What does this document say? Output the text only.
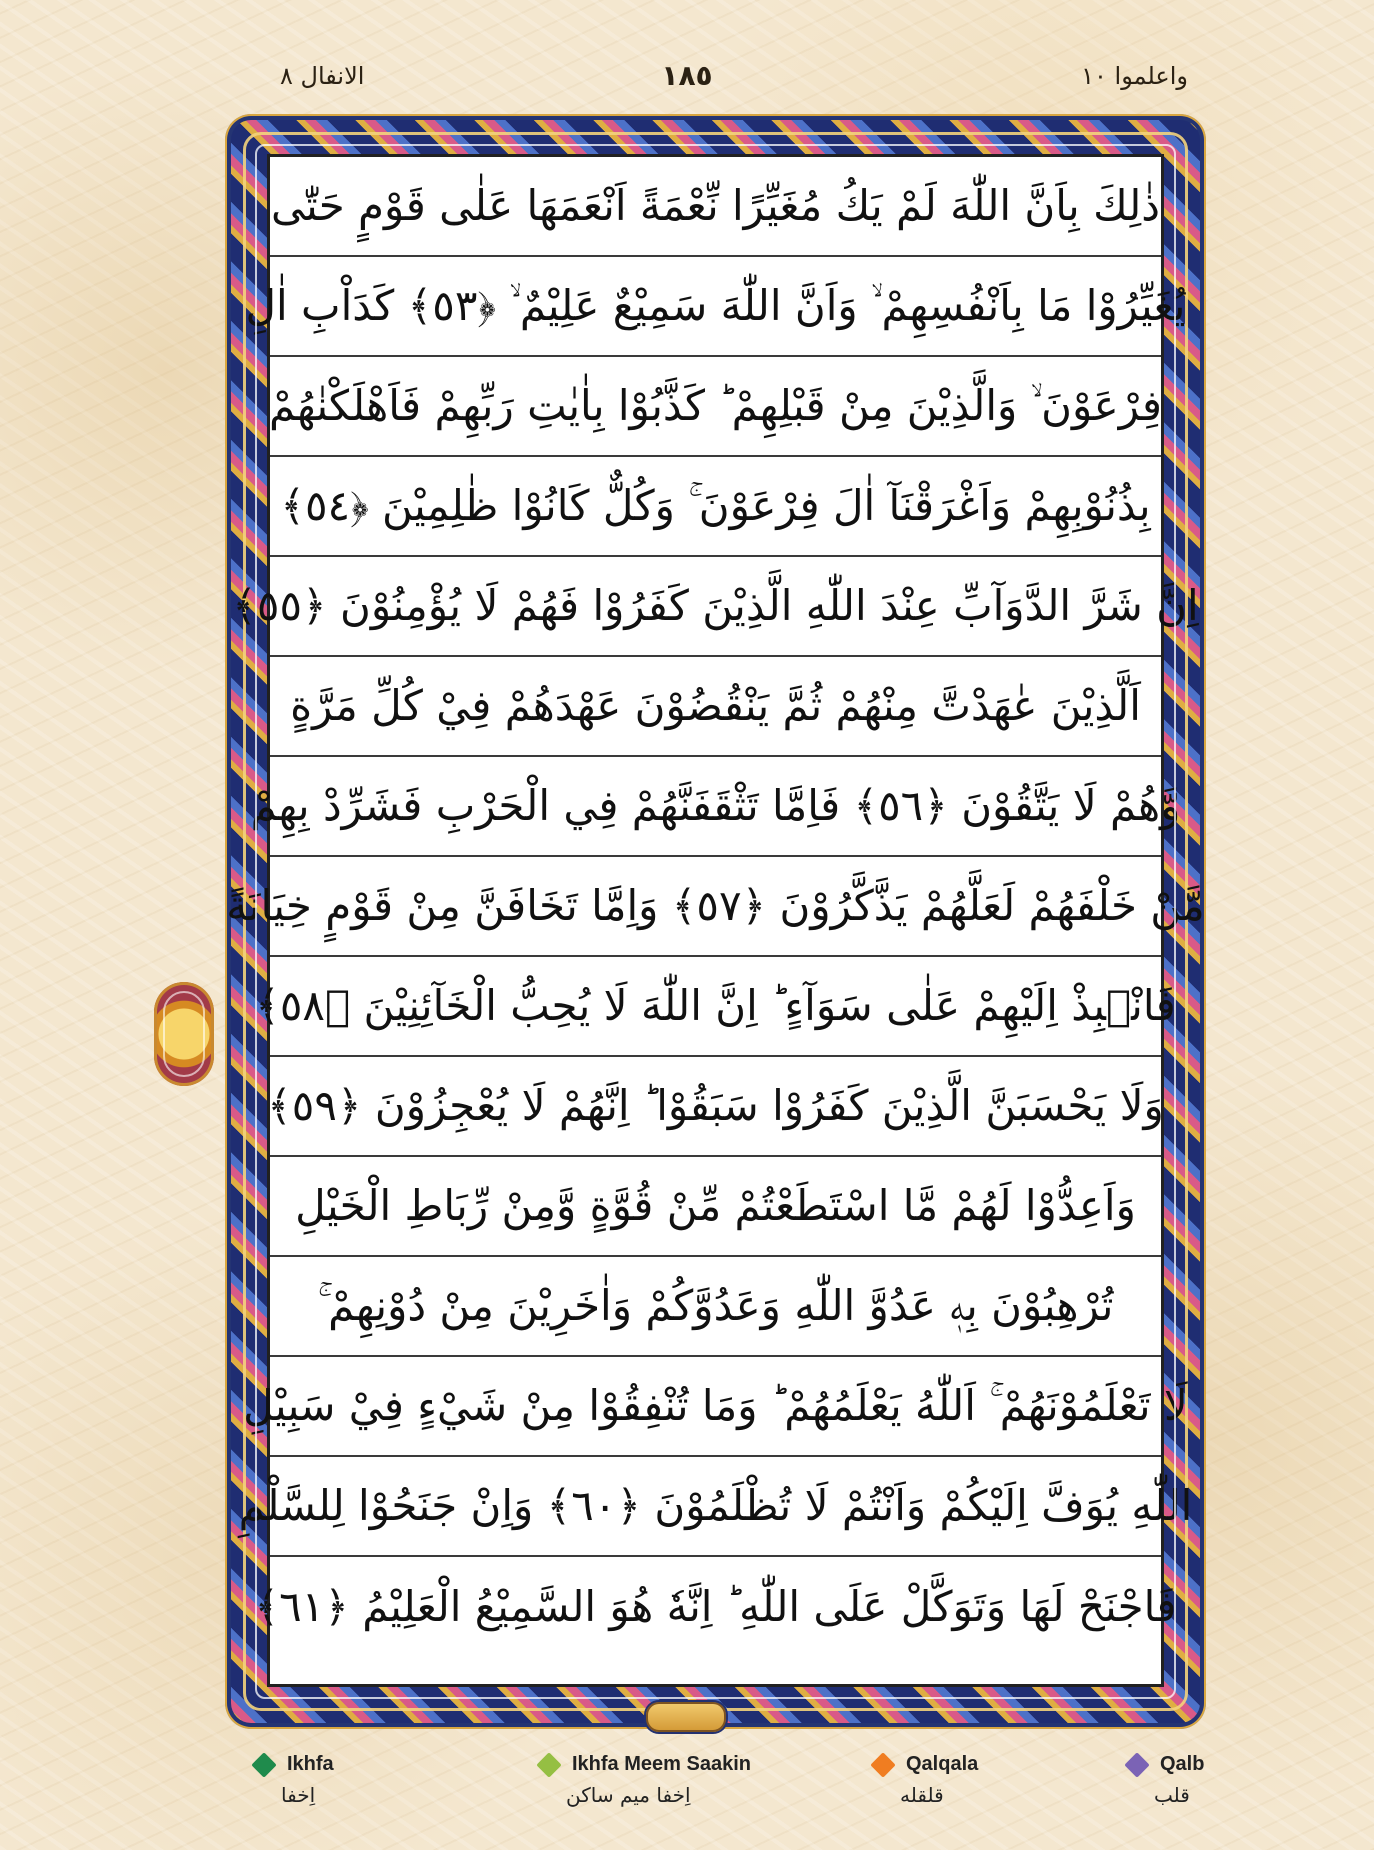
واعلموا ١٠
١٨٥
الانفال ٨
ذٰلِكَ بِاَنَّ اللّٰهَ لَمْ يَكُ مُغَيِّرًا نِّعْمَةً اَنْعَمَهَا عَلٰى قَوْمٍ حَتّٰى
يُغَيِّرُوْا مَا بِاَنْفُسِهِمْ ۙ وَاَنَّ اللّٰهَ سَمِيْعٌ عَلِيْمٌ ۙ ﴿٥٣﴾ كَدَاْبِ اٰلِ
فِرْعَوْنَ ۙ وَالَّذِيْنَ مِنْ قَبْلِهِمْ ؕ كَذَّبُوْا بِاٰيٰتِ رَبِّهِمْ فَاَهْلَكْنٰهُمْ
بِذُنُوْبِهِمْ وَاَغْرَقْنَآ اٰلَ فِرْعَوْنَ ۚ وَكُلٌّ كَانُوْا ظٰلِمِيْنَ ﴿٥٤﴾
اِنَّ شَرَّ الدَّوَآبِّ عِنْدَ اللّٰهِ الَّذِيْنَ كَفَرُوْا فَهُمْ لَا يُؤْمِنُوْنَ ﴿٥٥﴾
اَلَّذِيْنَ عٰهَدْتَّ مِنْهُمْ ثُمَّ يَنْقُضُوْنَ عَهْدَهُمْ فِيْ كُلِّ مَرَّةٍ
وَّهُمْ لَا يَتَّقُوْنَ ﴿٥٦﴾ فَاِمَّا تَثْقَفَنَّهُمْ فِي الْحَرْبِ فَشَرِّدْ بِهِمْ
مَّنْ خَلْفَهُمْ لَعَلَّهُمْ يَذَّكَّرُوْنَ ﴿٥٧﴾ وَاِمَّا تَخَافَنَّ مِنْ قَوْمٍ خِيَانَةً
فَانْۢبِذْ اِلَيْهِمْ عَلٰى سَوَآءٍ ؕ اِنَّ اللّٰهَ لَا يُحِبُّ الْخَآئِنِيْنَ ﴿٥٨﴾
وَلَا يَحْسَبَنَّ الَّذِيْنَ كَفَرُوْا سَبَقُوْا ؕ اِنَّهُمْ لَا يُعْجِزُوْنَ ﴿٥٩﴾
وَاَعِدُّوْا لَهُمْ مَّا اسْتَطَعْتُمْ مِّنْ قُوَّةٍ وَّمِنْ رِّبَاطِ الْخَيْلِ
تُرْهِبُوْنَ بِهٖ عَدُوَّ اللّٰهِ وَعَدُوَّكُمْ وَاٰخَرِيْنَ مِنْ دُوْنِهِمْ ۚ
لَا تَعْلَمُوْنَهُمْ ۚ اَللّٰهُ يَعْلَمُهُمْ ؕ وَمَا تُنْفِقُوْا مِنْ شَيْءٍ فِيْ سَبِيْلِ
اللّٰهِ يُوَفَّ اِلَيْكُمْ وَاَنْتُمْ لَا تُظْلَمُوْنَ ﴿٦٠﴾ وَاِنْ جَنَحُوْا لِلسَّلْمِ
فَاجْنَحْ لَهَا وَتَوَكَّلْ عَلَى اللّٰهِ ؕ اِنَّهٗ هُوَ السَّمِيْعُ الْعَلِيْمُ ﴿٦١﴾
Ikhfa
اِخفا
Ikhfa Meem Saakin
اِخفا میم ساکن
Qalqala
قلقله
Qalb
قلب
